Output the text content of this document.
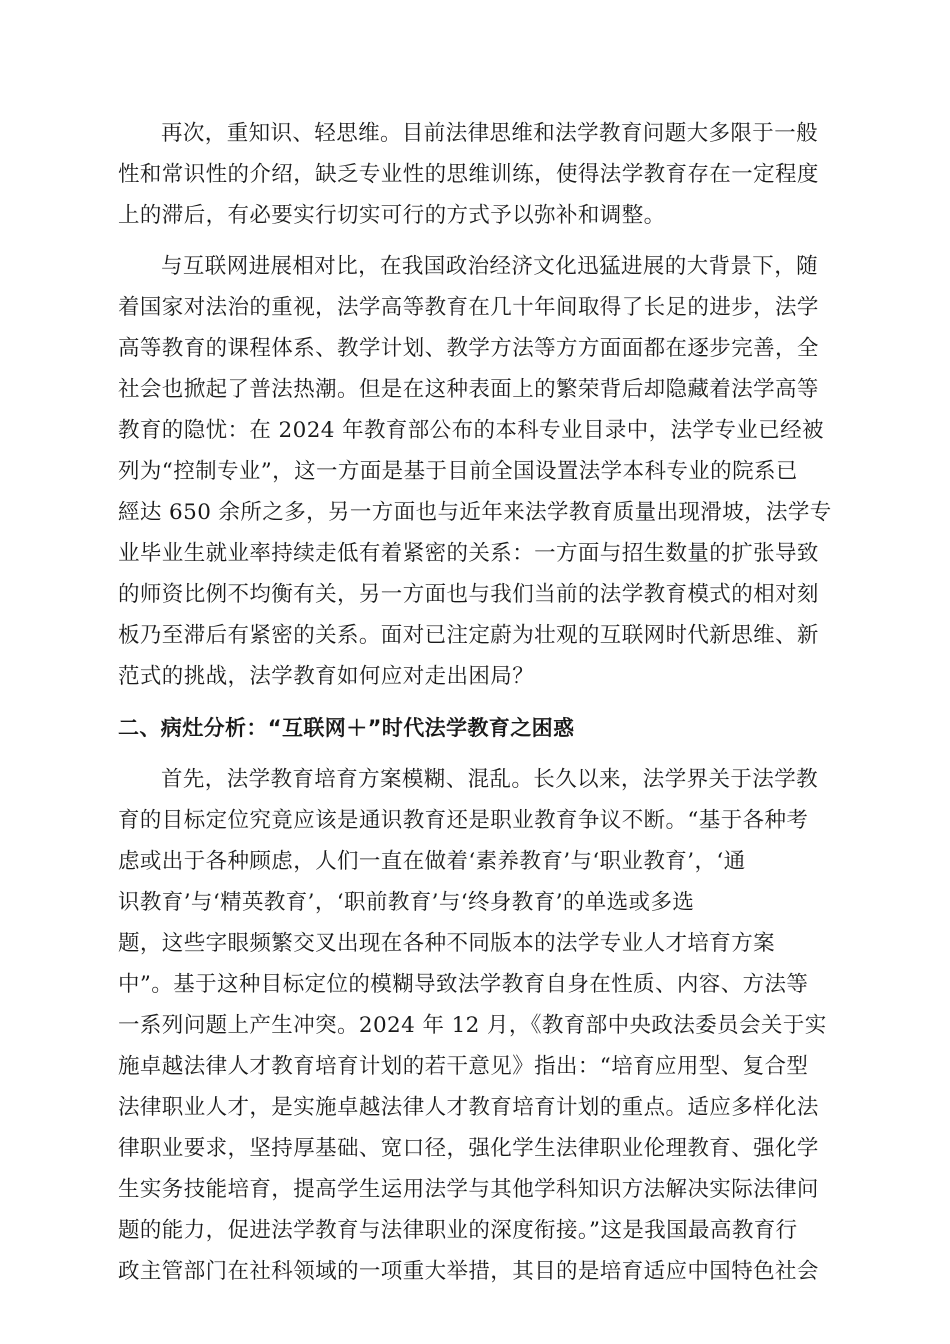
再次，重知识、轻思维。目前法律思维和法学教育问题大多限于一般
性和常识性的介绍，缺乏专业性的思维训练，使得法学教育存在一定程度
上的滞后，有必要实行切实可行的方式予以弥补和调整。
与互联网进展相对比，在我国政治经济文化迅猛进展的大背景下，随
着国家对法治的重视，法学高等教育在几十年间取得了长足的进步，法学
高等教育的课程体系、教学计划、教学方法等方方面面都在逐步完善，全
社会也掀起了普法热潮。但是在这种表面上的繁荣背后却隐藏着法学高等
教育的隐忧：在 2024 年教育部公布的本科专业目录中，法学专业已经被
列为“控制专业”，这一方面是基于目前全国设置法学本科专业的院系已
經达 650 余所之多，另一方面也与近年来法学教育质量出现滑坡，法学专
业毕业生就业率持续走低有着紧密的关系：一方面与招生数量的扩张导致
的师资比例不均衡有关，另一方面也与我们当前的法学教育模式的相对刻
板乃至滞后有紧密的关系。面对已注定蔚为壮观的互联网时代新思维、新
范式的挑战，法学教育如何应对走出困局？
二、病灶分析：“互联网＋”时代法学教育之困惑
首先，法学教育培育方案模糊、混乱。长久以来，法学界关于法学教
育的目标定位究竟应该是通识教育还是职业教育争议不断。“基于各种考
虑或出于各种顾虑，人们一直在做着‘素养教育’与‘职业教育’，‘通
识教育’与‘精英教育’，‘职前教育’与‘终身教育’的单选或多选
题，这些字眼频繁交叉出现在各种不同版本的法学专业人才培育方案
中”。基于这种目标定位的模糊导致法学教育自身在性质、内容、方法等
一系列问题上产生冲突。2024 年 12 月，《教育部中央政法委员会关于实
施卓越法律人才教育培育计划的若干意见》指出：“培育应用型、复合型
法律职业人才，是实施卓越法律人才教育培育计划的重点。适应多样化法
律职业要求，坚持厚基础、宽口径，强化学生法律职业伦理教育、强化学
生实务技能培育，提高学生运用法学与其他学科知识方法解决实际法律问
题的能力，促进法学教育与法律职业的深度衔接。”这是我国最高教育行
政主管部门在社科领域的一项重大举措，其目的是培育适应中国特色社会
